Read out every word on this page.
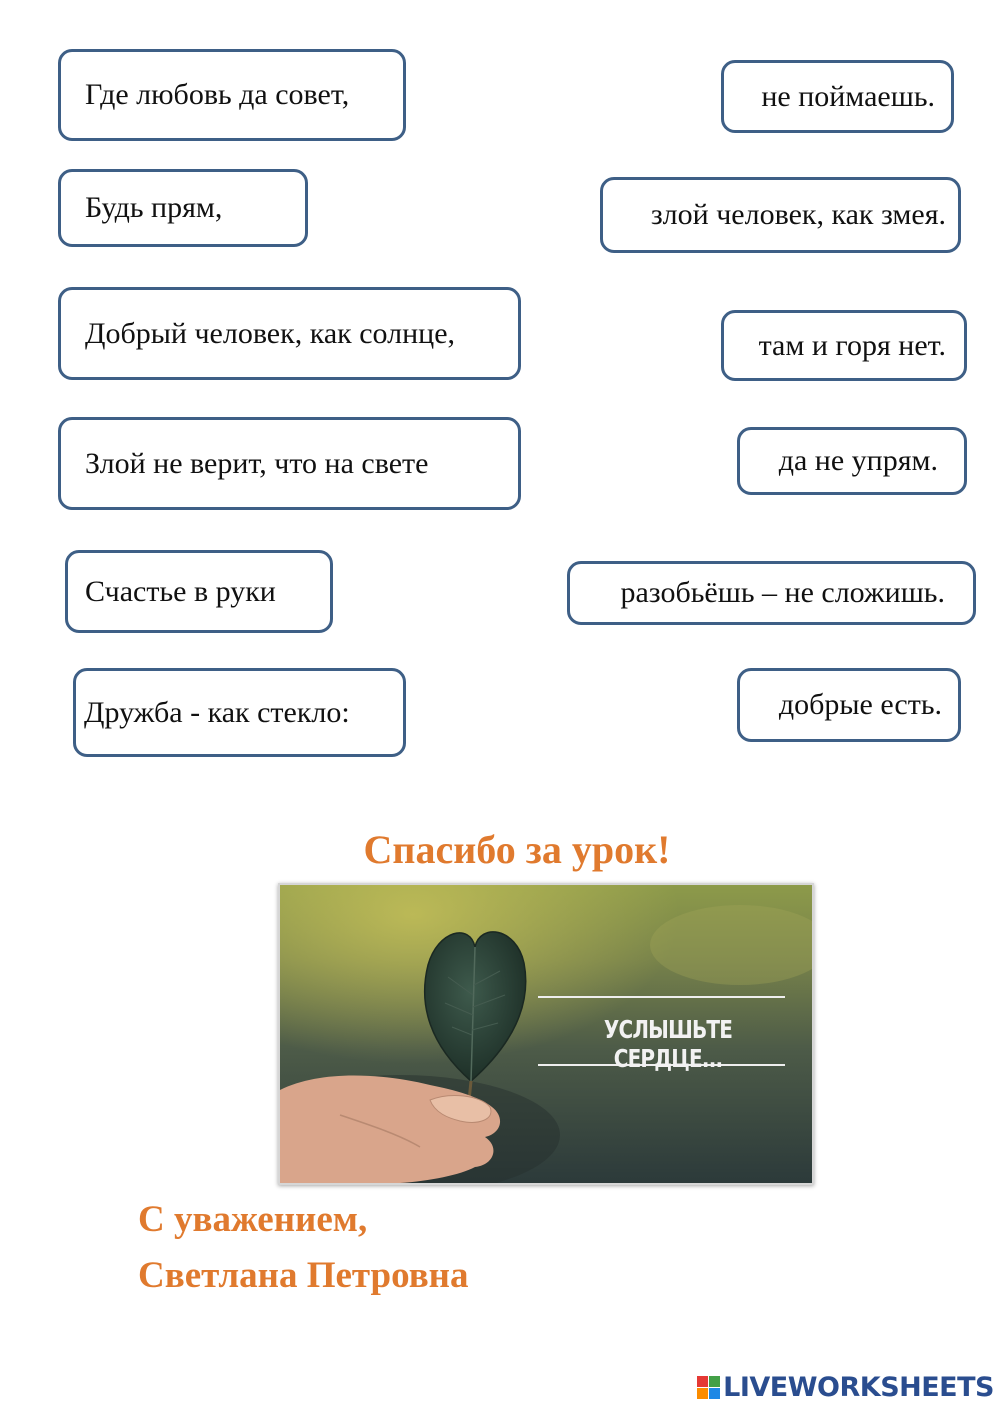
Где любовь да совет,
Будь прям,
Добрый человек, как солнце,
Злой не верит, что на свете
Счастье в руки
Дружба - как стекло:
не поймаешь.
злой человек, как змея.
там и горя нет.
да не упрям.
разобьёшь – не сложишь.
добрые есть.
Спасибо за урок!
УСЛЫШЬТЕ СЕРДЦЕ...
С уважением,
Светлана Петровна
LIVEWORKSHEETS
